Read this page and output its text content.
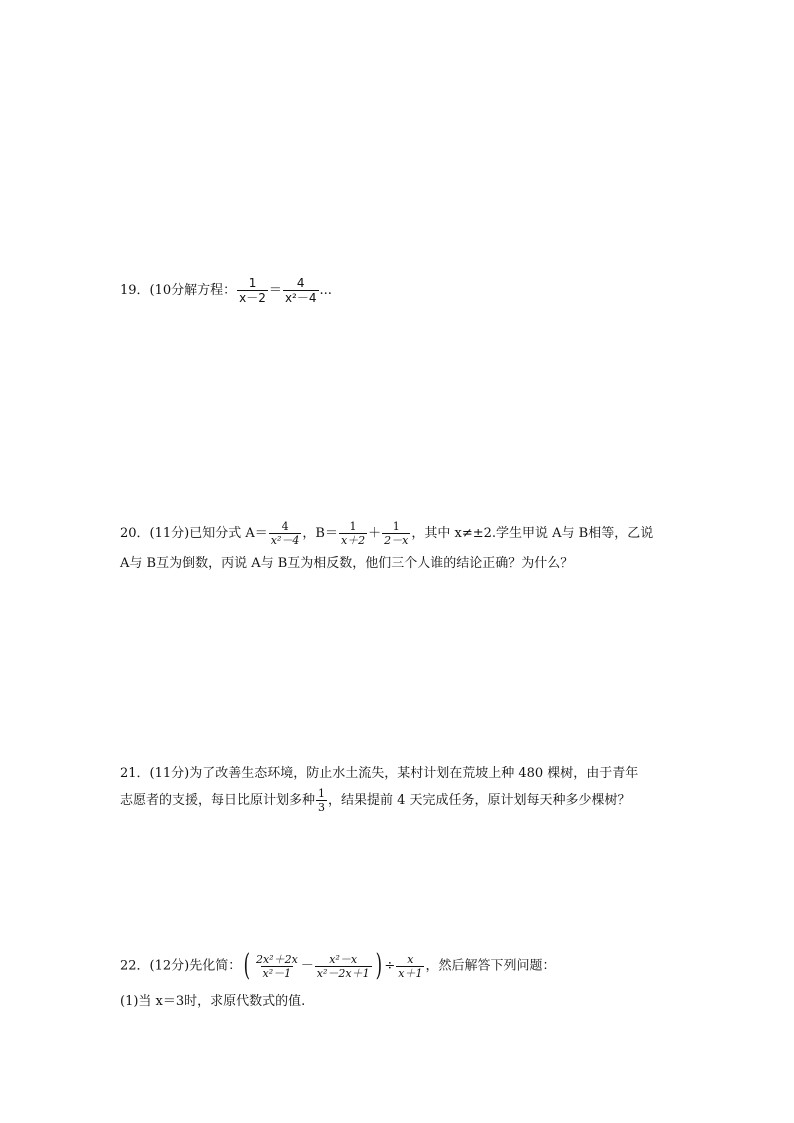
19．(10分解方程： $\frac{1}{x-2} = \frac{4}{\text{x²－4}}$ ...
20．(11分)已知分式 $A= \frac{4}{\text{x²－4}}$ ，$B= \frac{1}{x+2} + \frac{1}{2-x}$ ，其中 x≠±2.学生甲说 A与 B相等，乙说
A与 B互为倒数，丙说 A与 B互为相反数，他们三个人谁的结论正确？为什么？
21．(11分)为了改善生态环境，防止水土流失，某村计划在荒坡上种 480 棵树，由于青年
志愿者的支援，每日比原计划多种 $\frac{1}{3}$ ，结果提前 4 天完成任务，原计划每天种多少棵树？
22．(12分)先化简：( $\frac{\text{2x²＋2x}}{\text{x²－1}} - \frac{\text{x²－x}}{\text{x²－2x＋1}}$ ) ÷ $\frac{x}{x+1}$ ，然后解答下列问题：
(1)当 x＝3时，求原代数式的值.
